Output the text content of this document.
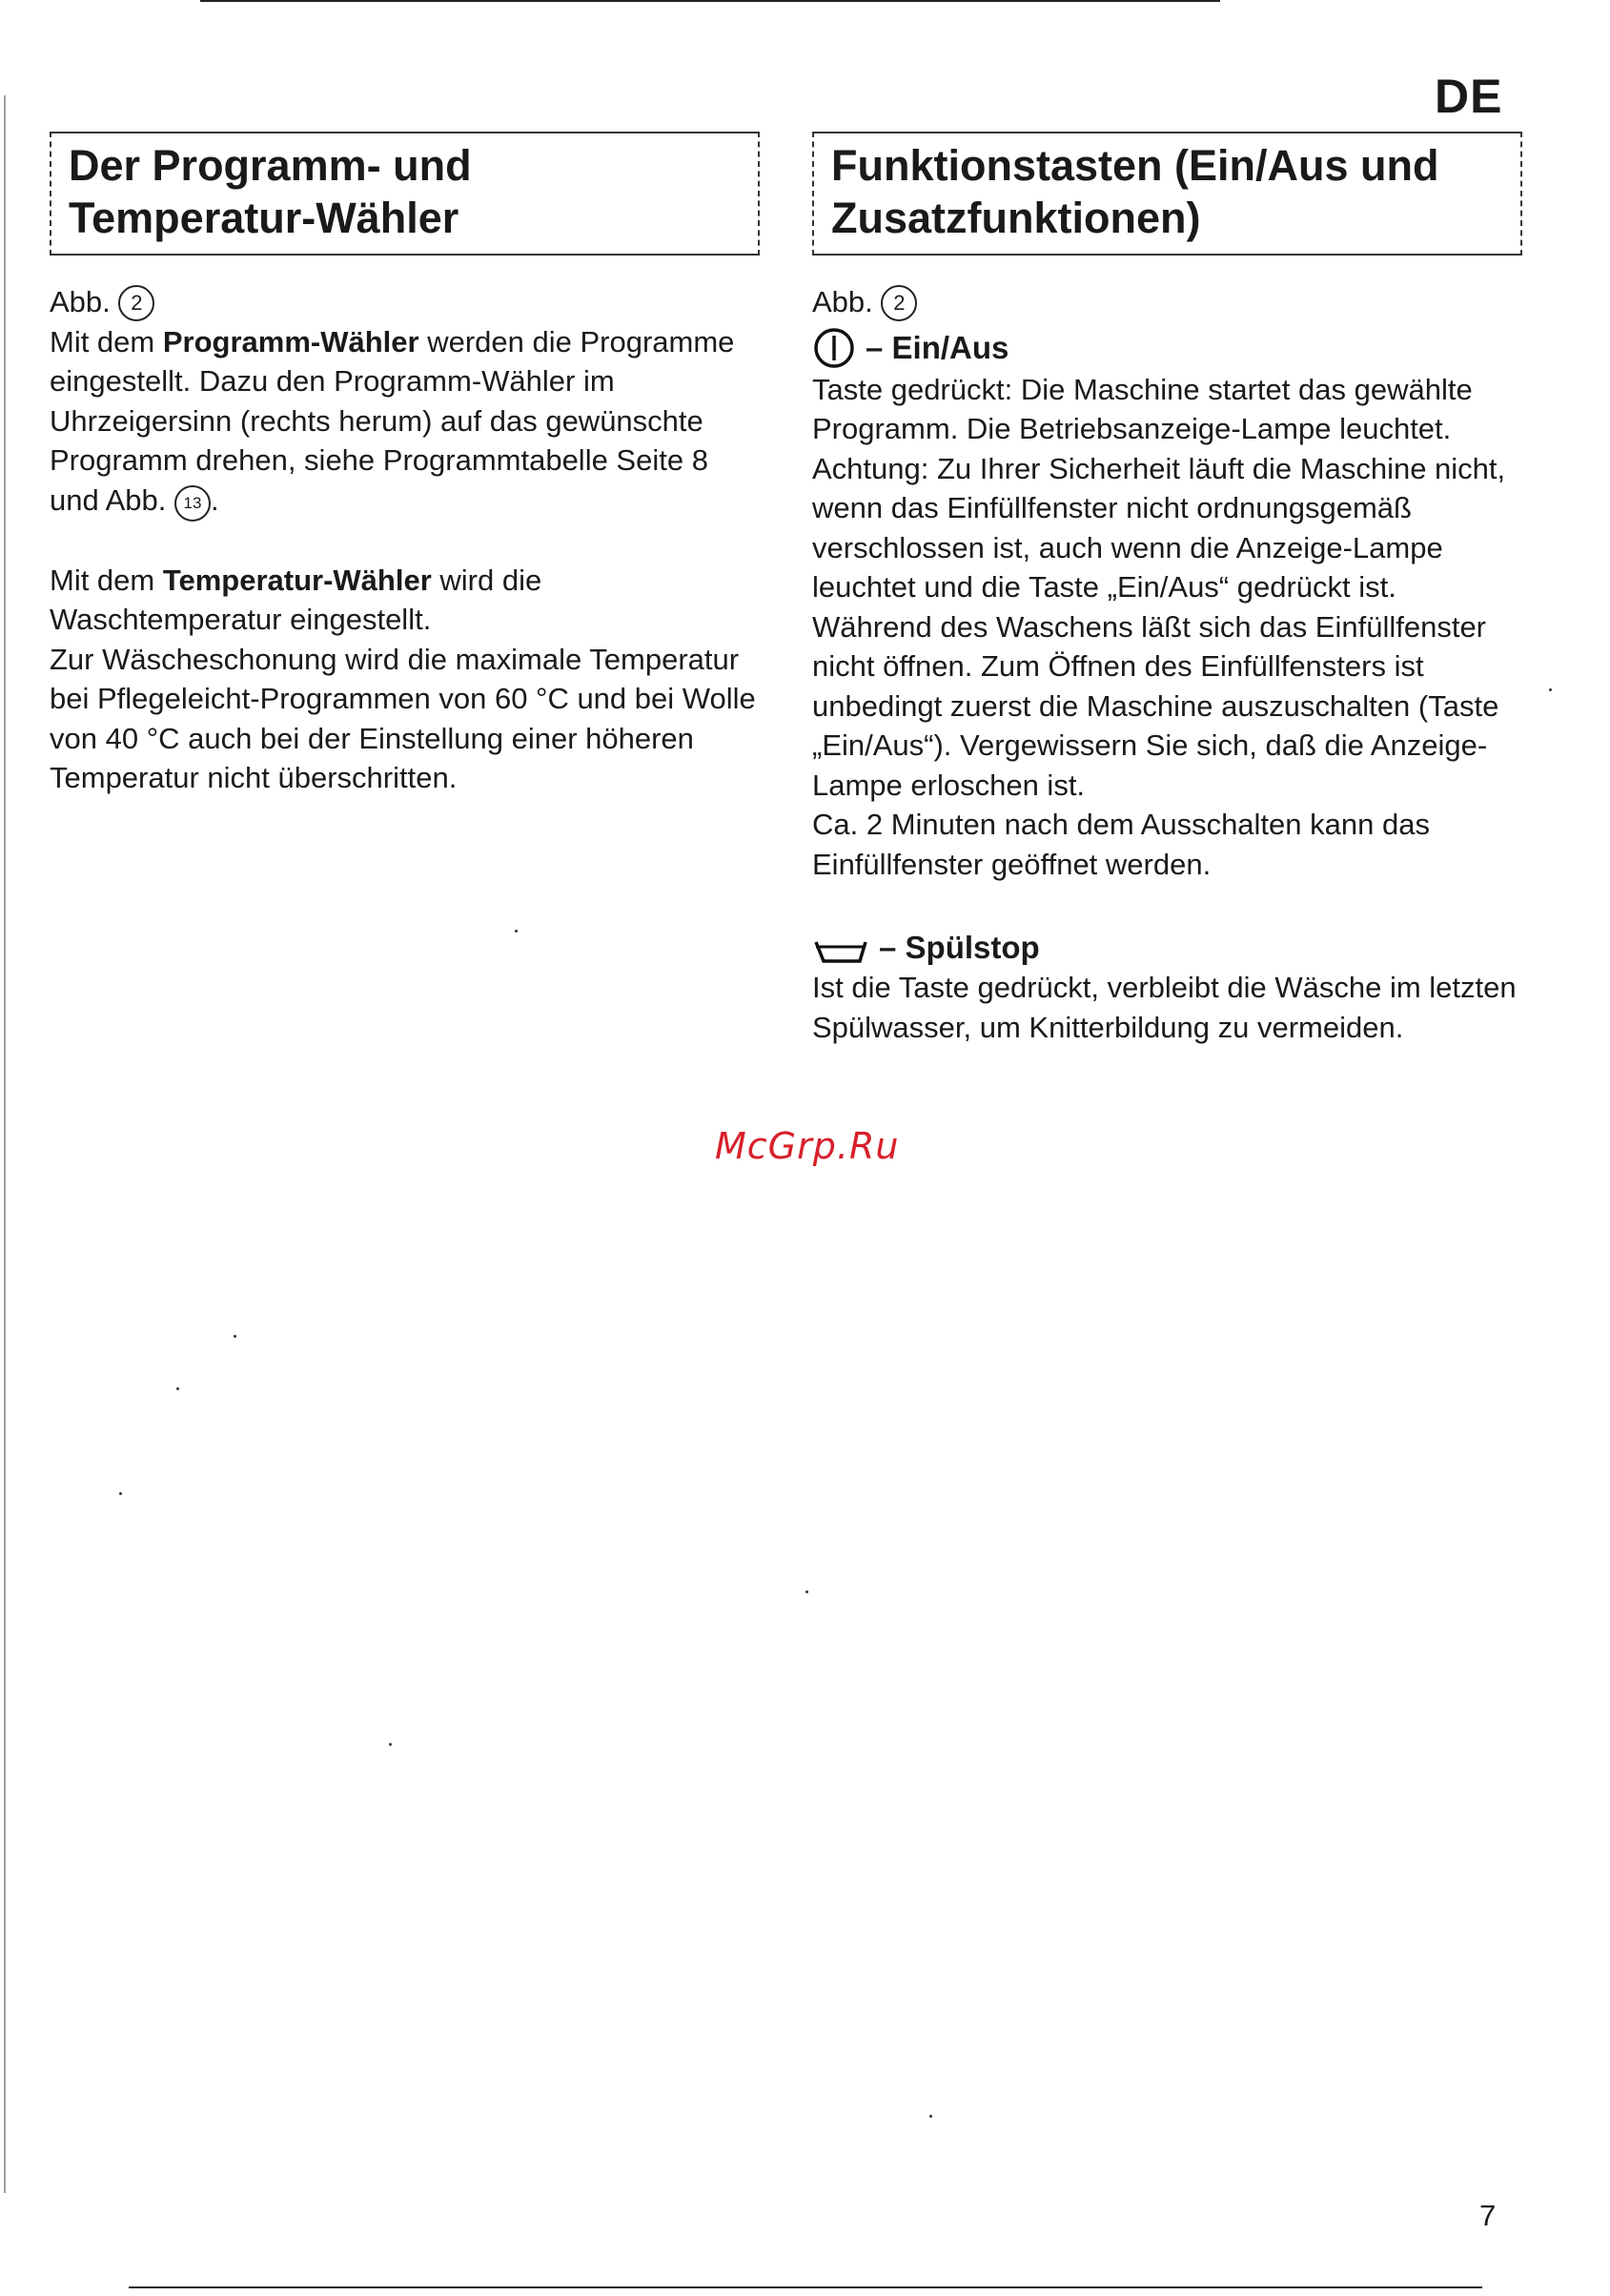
DE
Der Programm- und
Temperatur-Wähler

Abb. 2

Mit dem Programm-Wähler werden die Programme eingestellt. Dazu den Programm-Wähler im Uhrzeigersinn (rechts herum) auf das gewünschte Programm drehen, siehe Programmtabelle Seite 8 und Abb. 13 .

Mit dem Temperatur-Wähler wird die Waschtemperatur eingestellt.

Zur Wäscheschonung wird die maximale Temperatur bei Pflegeleicht-Programmen von 60 °C und bei Wolle von 40 °C auch bei der Einstellung einer höheren Temperatur nicht überschritten.

Funktionstasten (Ein/Aus und
Zusatzfunktionen)

Abb. 2

– Ein/Aus

Taste gedrückt: Die Maschine startet das gewählte Programm. Die Betriebsanzeige-Lampe leuchtet.

Achtung: Zu Ihrer Sicherheit läuft die Maschine nicht, wenn das Einfüllfenster nicht ordnungsgemäß verschlossen ist, auch wenn die Anzeige-Lampe leuchtet und die Taste „Ein/Aus“ gedrückt ist.

Während des Waschens läßt sich das Einfüllfenster nicht öffnen. Zum Öffnen des Einfüllfensters ist unbedingt zuerst die Maschine auszuschalten (Taste „Ein/Aus“). Vergewissern Sie sich, daß die Anzeige-Lampe erloschen ist.

Ca. 2 Minuten nach dem Ausschalten kann das Einfüllfenster geöffnet werden.

– Spülstop

Ist die Taste gedrückt, verbleibt die Wäsche im letzten Spülwasser, um Knitterbildung zu vermeiden.

McGrp.Ru
7
